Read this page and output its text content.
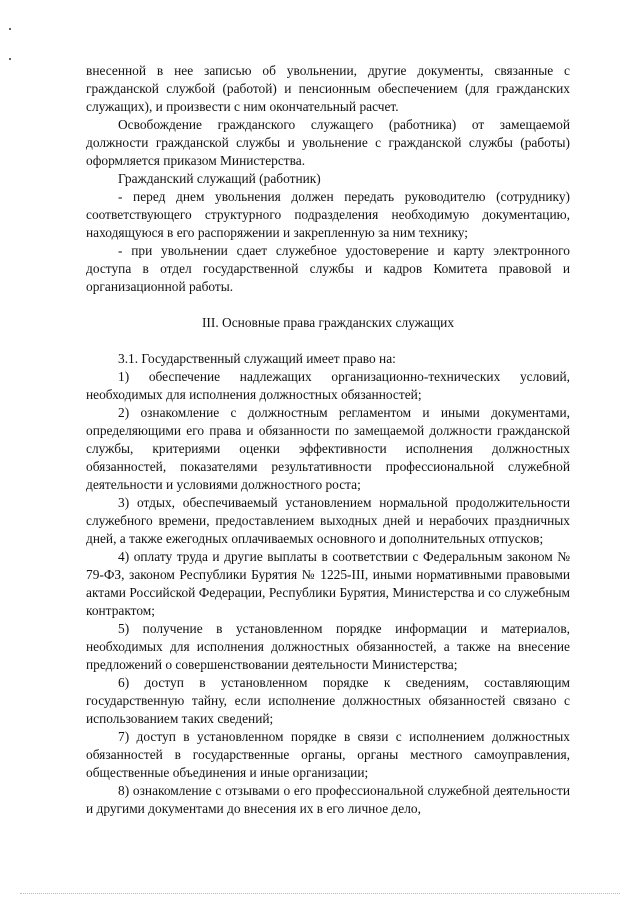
внесенной в нее записью об увольнении, другие документы, связанные с гражданской службой (работой) и пенсионным обеспечением (для гражданских служащих), и произвести с ним окончательный расчет.

Освобождение гражданского служащего (работника) от замещаемой должности гражданской службы и увольнение с гражданской службы (работы) оформляется приказом Министерства.

Гражданский служащий (работник)

- перед днем увольнения должен передать руководителю (сотруднику) соответствующего структурного подразделения необходимую документацию, находящуюся в его распоряжении и закрепленную за ним технику;

- при увольнении сдает служебное удостоверение и карту электронного доступа в отдел государственной службы и кадров Комитета правовой и организационной работы.

III. Основные права гражданских служащих

3.1. Государственный служащий имеет право на:

1) обеспечение надлежащих организационно-технических условий, необходимых для исполнения должностных обязанностей;

2) ознакомление с должностным регламентом и иными документами, определяющими его права и обязанности по замещаемой должности гражданской службы, критериями оценки эффективности исполнения должностных обязанностей, показателями результативности профессиональной служебной деятельности и условиями должностного роста;

3) отдых, обеспечиваемый установлением нормальной продолжительности служебного времени, предоставлением выходных дней и нерабочих праздничных дней, а также ежегодных оплачиваемых основного и дополнительных отпусков;

4) оплату труда и другие выплаты в соответствии с Федеральным законом № 79-ФЗ, законом Республики Бурятия № 1225-III, иными нормативными правовыми актами Российской Федерации, Республики Бурятия, Министерства и со служебным контрактом;

5) получение в установленном порядке информации и материалов, необходимых для исполнения должностных обязанностей, а также на внесение предложений о совершенствовании деятельности Министерства;

6) доступ в установленном порядке к сведениям, составляющим государственную тайну, если исполнение должностных обязанностей связано с использованием таких сведений;

7) доступ в установленном порядке в связи с исполнением должностных обязанностей в государственные органы, органы местного самоуправления, общественные объединения и иные организации;

8) ознакомление с отзывами о его профессиональной служебной деятельности и другими документами до внесения их в его личное дело,
